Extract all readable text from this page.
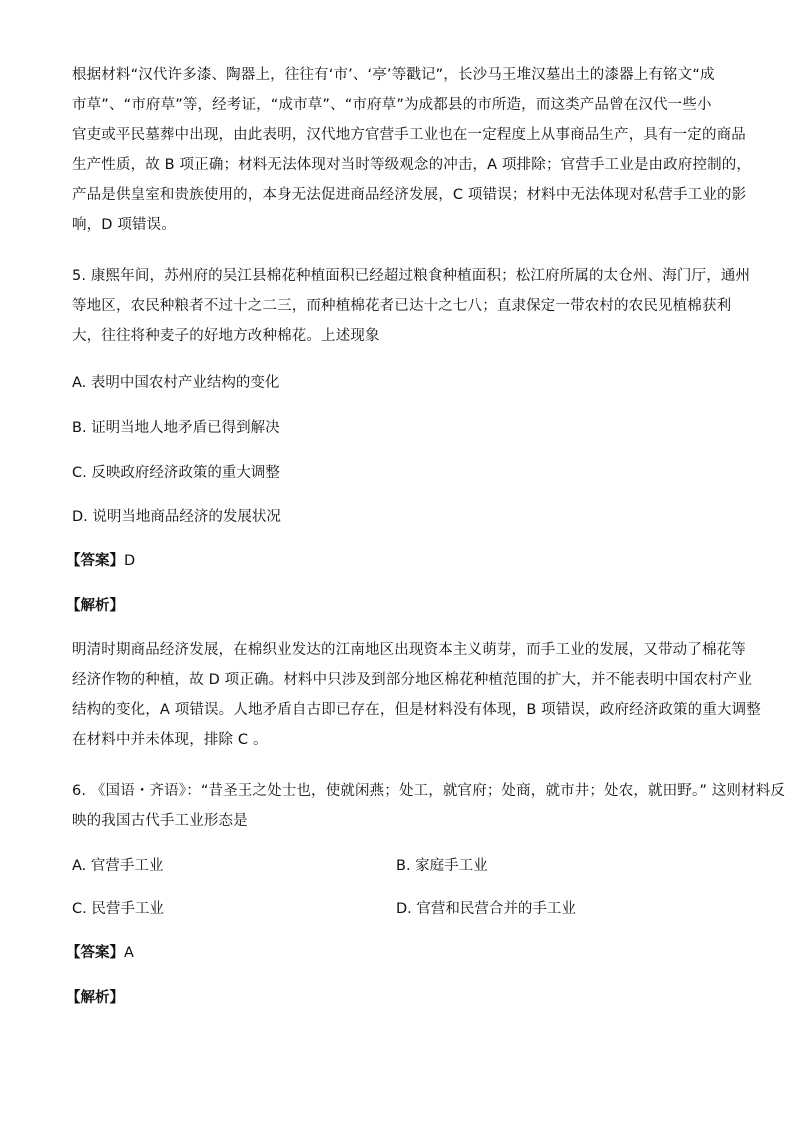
根据材料“汉代许多漆、陶器上，往往有‘市’、‘亭’等戳记”，长沙马王堆汉墓出土的漆器上有铭文“成
市草”、“市府草”等，经考证，“成市草”、“市府草”为成都县的市所造，而这类产品曾在汉代一些小
官吏或平民墓葬中出现，由此表明，汉代地方官营手工业也在一定程度上从事商品生产，具有一定的商品
生产性质，故 B 项正确；材料无法体现对当时等级观念的冲击，A 项排除；官营手工业是由政府控制的，
产品是供皇室和贵族使用的，本身无法促进商品经济发展，C 项错误；材料中无法体现对私营手工业的影
响，D 项错误。
5. 康熙年间，苏州府的吴江县棉花种植面积已经超过粮食种植面积；松江府所属的太仓州、海门厅，通州
等地区，农民种粮者不过十之二三，而种植棉花者已达十之七八；直隶保定一带农村的农民见植棉获利
大，往往将种麦子的好地方改种棉花。上述现象
A. 表明中国农村产业结构的变化
B. 证明当地人地矛盾已得到解决
C. 反映政府经济政策的重大调整
D. 说明当地商品经济的发展状况
【答案】D
【解析】
明清时期商品经济发展，在棉织业发达的江南地区出现资本主义萌芽，而手工业的发展，又带动了棉花等
经济作物的种植，故 D 项正确。材料中只涉及到部分地区棉花种植范围的扩大，并不能表明中国农村产业
结构的变化，A 项错误。人地矛盾自古即已存在，但是材料没有体现，B 项错误，政府经济政策的重大调整
在材料中并未体现，排除 C 。
6. 《国语・齐语》：“昔圣王之处士也，使就闲燕；处工，就官府；处商，就市井；处农，就田野。” 这则材料反
映的我国古代手工业形态是
A. 官营手工业	B. 家庭手工业
C. 民营手工业	D. 官营和民营合并的手工业
【答案】A
【解析】
